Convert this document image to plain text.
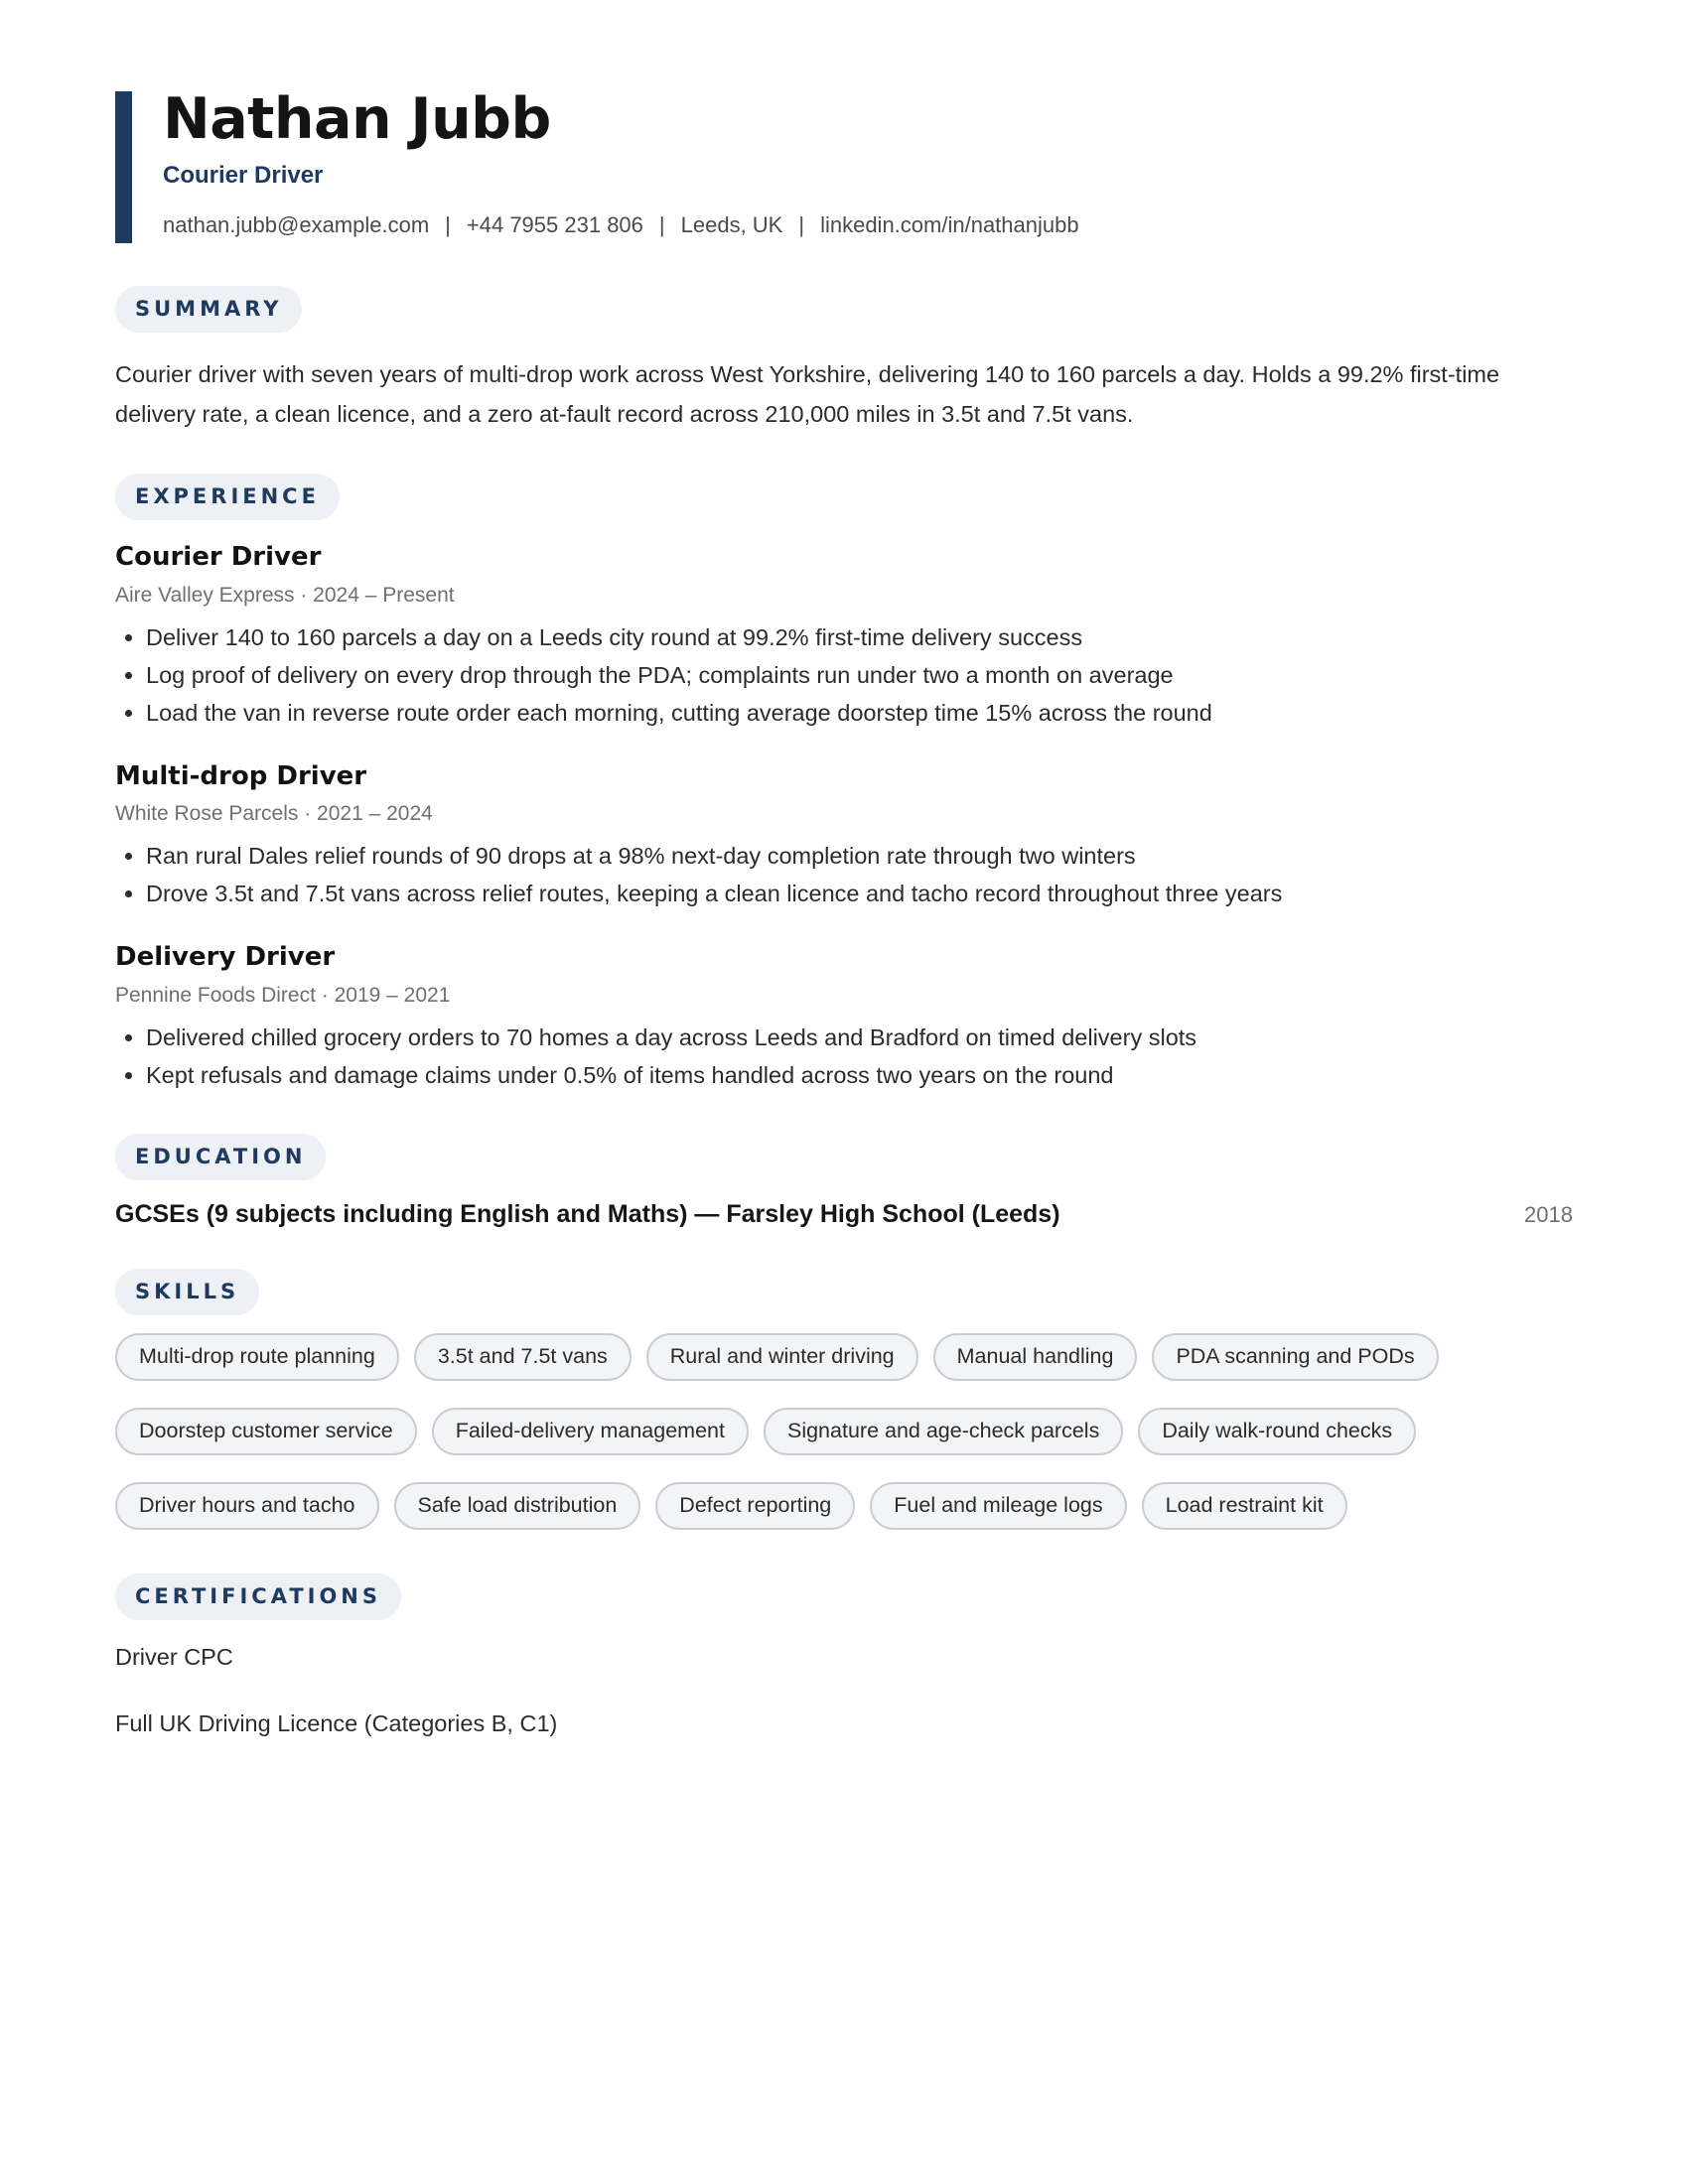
Nathan Jubb
Courier Driver
nathan.jubb@example.com | +44 7955 231 806 | Leeds, UK | linkedin.com/in/nathanjubb
SUMMARY
Courier driver with seven years of multi-drop work across West Yorkshire, delivering 140 to 160 parcels a day. Holds a 99.2% first-time delivery rate, a clean licence, and a zero at-fault record across 210,000 miles in 3.5t and 7.5t vans.
EXPERIENCE
Courier Driver
Aire Valley Express · 2024 – Present
• Deliver 140 to 160 parcels a day on a Leeds city round at 99.2% first-time delivery success
• Log proof of delivery on every drop through the PDA; complaints run under two a month on average
• Load the van in reverse route order each morning, cutting average doorstep time 15% across the round
Multi-drop Driver
White Rose Parcels · 2021 – 2024
• Ran rural Dales relief rounds of 90 drops at a 98% next-day completion rate through two winters
• Drove 3.5t and 7.5t vans across relief routes, keeping a clean licence and tacho record throughout three years
Delivery Driver
Pennine Foods Direct · 2019 – 2021
• Delivered chilled grocery orders to 70 homes a day across Leeds and Bradford on timed delivery slots
• Kept refusals and damage claims under 0.5% of items handled across two years on the round
EDUCATION
GCSEs (9 subjects including English and Maths) — Farsley High School (Leeds)	2018
SKILLS
Multi-drop route planning	3.5t and 7.5t vans	Rural and winter driving	Manual handling	PDA scanning and PODs
Doorstep customer service	Failed-delivery management	Signature and age-check parcels	Daily walk-round checks
Driver hours and tacho	Safe load distribution	Defect reporting	Fuel and mileage logs	Load restraint kit
CERTIFICATIONS
Driver CPC
Full UK Driving Licence (Categories B, C1)
